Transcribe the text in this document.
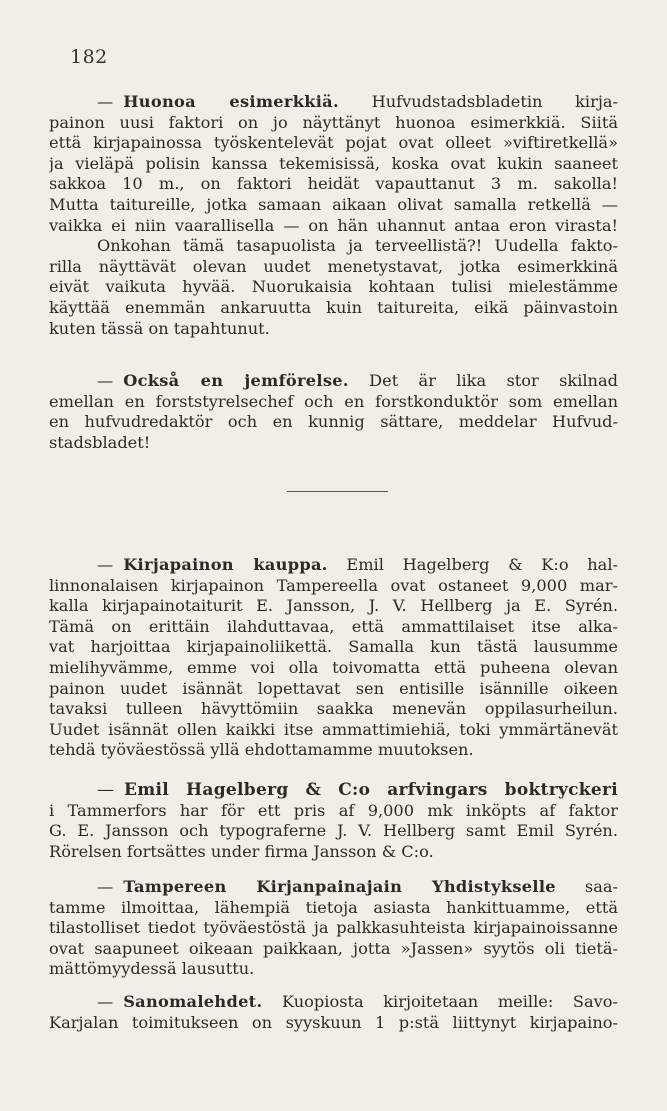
182
— Huonoa esimerkkiä. Hufvudstadsbladetin kirja-
painon uusi faktori on jo näyttänyt huonoa esimerkkiä. Siitä
että kirjapainossa työskentelevät pojat ovat olleet »viftiretkellä»
ja vieläpä polisin kanssa tekemisissä, koska ovat kukin saaneet
sakkoa 10 m., on faktori heidät vapauttanut 3 m. sakolla!
Mutta taitureille, jotka samaan aikaan olivat samalla retkellä —
vaikka ei niin vaarallisella — on hän uhannut antaa eron virasta!
Onkohan tämä tasapuolista ja terveellistä?! Uudella fakto-
rilla näyttävät olevan uudet menetystavat, jotka esimerkkinä
eivät vaikuta hyvää. Nuorukaisia kohtaan tulisi mielestämme
käyttää enemmän ankaruutta kuin taitureita, eikä päinvastoin
kuten tässä on tapahtunut.
— Också en jemförelse. Det är lika stor skilnad
emellan en forststyrelsechef och en forstkonduktör som emellan
en hufvudredaktör och en kunnig sättare, meddelar Hufvud-
stadsbladet!
— Kirjapainon kauppa. Emil Hagelberg & K:o hal-
linnonalaisen kirjapainon Tampereella ovat ostaneet 9,000 mar-
kalla kirjapainotaiturit E. Jansson, J. V. Hellberg ja E. Syrén.
Tämä on erittäin ilahduttavaa, että ammattilaiset itse alka-
vat harjoittaa kirjapainoliikettä. Samalla kun tästä lausumme
mielihyvämme, emme voi olla toivomatta että puheena olevan
painon uudet isännät lopettavat sen entisille isännille oikeen
tavaksi tulleen hävyttömiin saakka menevän oppilasurheilun.
Uudet isännät ollen kaikki itse ammattimiehiä, toki ymmärtänevät
tehdä työväestössä yllä ehdottamamme muutoksen.
— Emil Hagelberg & C:o arfvingars boktryckeri
i Tammerfors har för ett pris af 9,000 mk inköpts af faktor
G. E. Jansson och typograferne J. V. Hellberg samt Emil Syrén.
Rörelsen fortsättes under firma Jansson & C:o.
— Tampereen Kirjanpainajain Yhdistykselle saa-
tamme ilmoittaa, lähempiä tietoja asiasta hankittuamme, että
tilastolliset tiedot työväestöstä ja palkkasuhteista kirjapainoissanne
ovat saapuneet oikeaan paikkaan, jotta »Jassen» syytös oli tietä-
mättömyydessä lausuttu.
— Sanomalehdet. Kuopiosta kirjoitetaan meille: Savo-
Karjalan toimitukseen on syyskuun 1 p:stä liittynyt kirjapaino-
